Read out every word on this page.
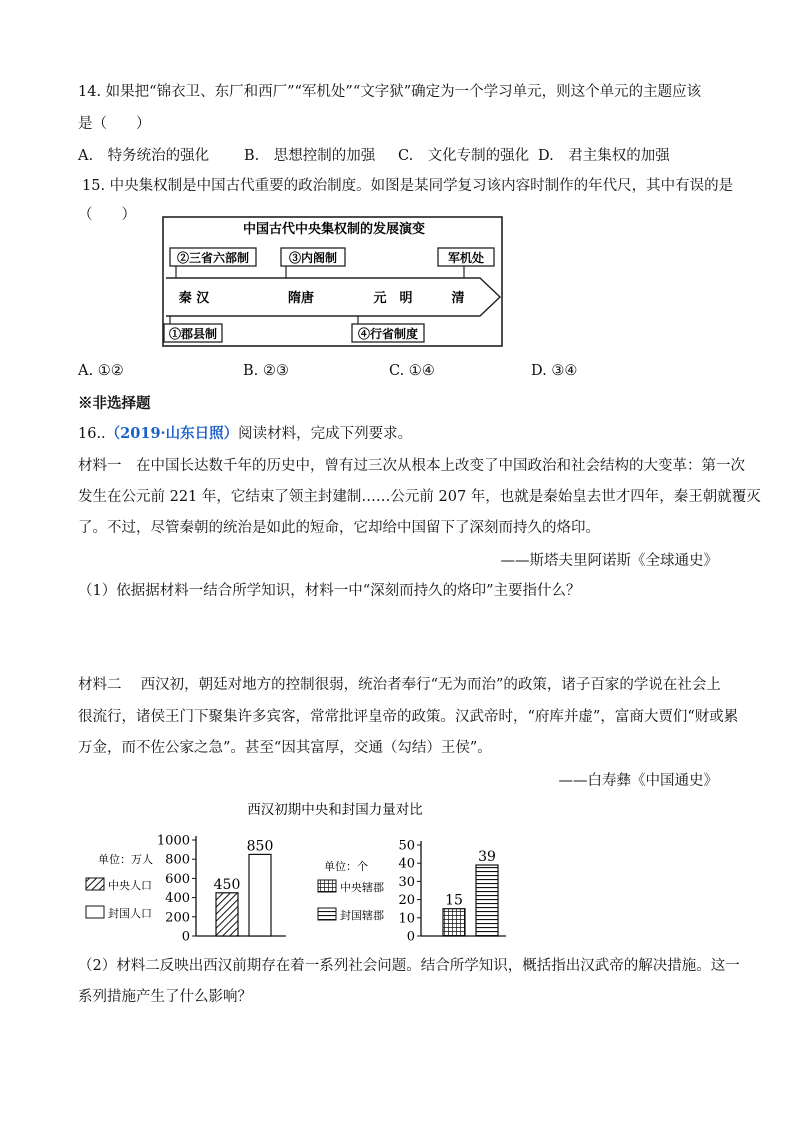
14. 如果把“锦衣卫、东厂和西厂”“军机处”“文字狱”确定为一个学习单元，则这个单元的主题应该
是（　　）
A.　特务统治的强化 B.　思想控制的加强 C.　文化专制的强化 D.　君主集权的加强
15. 中央集权制是中国古代重要的政治制度。如图是某同学复习该内容时制作的年代尺，其中有误的是
（　　）
中国古代中央集权制的发展演变
②三省六部制	③内阁制	军机处
秦 汉	隋唐	元　明	清
①郡县制	④行省制度
A. ①②	B. ②③	C. ①④	D. ③④
※非选择题
16..（2019·山东日照）阅读材料，完成下列要求。
材料一　在中国长达数千年的历史中，曾有过三次从根本上改变了中国政治和社会结构的大变革：第一次
发生在公元前 221 年，它结束了领主封建制……公元前 207 年，也就是秦始皇去世才四年，秦王朝就覆灭
了。不过，尽管秦朝的统治是如此的短命，它却给中国留下了深刻而持久的烙印。
——斯塔夫里阿诺斯《全球通史》
（1）依据据材料一结合所学知识，材料一中“深刻而持久的烙印”主要指什么？
材料二　 西汉初，朝廷对地方的控制很弱，统治者奉行“无为而治”的政策，诸子百家的学说在社会上
很流行，诸侯王门下聚集许多宾客，常常批评皇帝的政策。汉武帝时，“府库并虚”，富商大贾们“财或累
万金，而不佐公家之急”。甚至“因其富厚，交通（勾结）王侯”。
——白寿彝《中国通史》
西汉初期中央和封国力量对比
0
200
400
600
800
1000
单位：万人
中央人口	450
封国人口
850
0
10
20
30
40
50
单位：个
中央辖郡
15
封国辖郡
39
（2）材料二反映出西汉前期存在着一系列社会问题。结合所学知识，概括指出汉武帝的解决措施。这一
系列措施产生了什么影响？
